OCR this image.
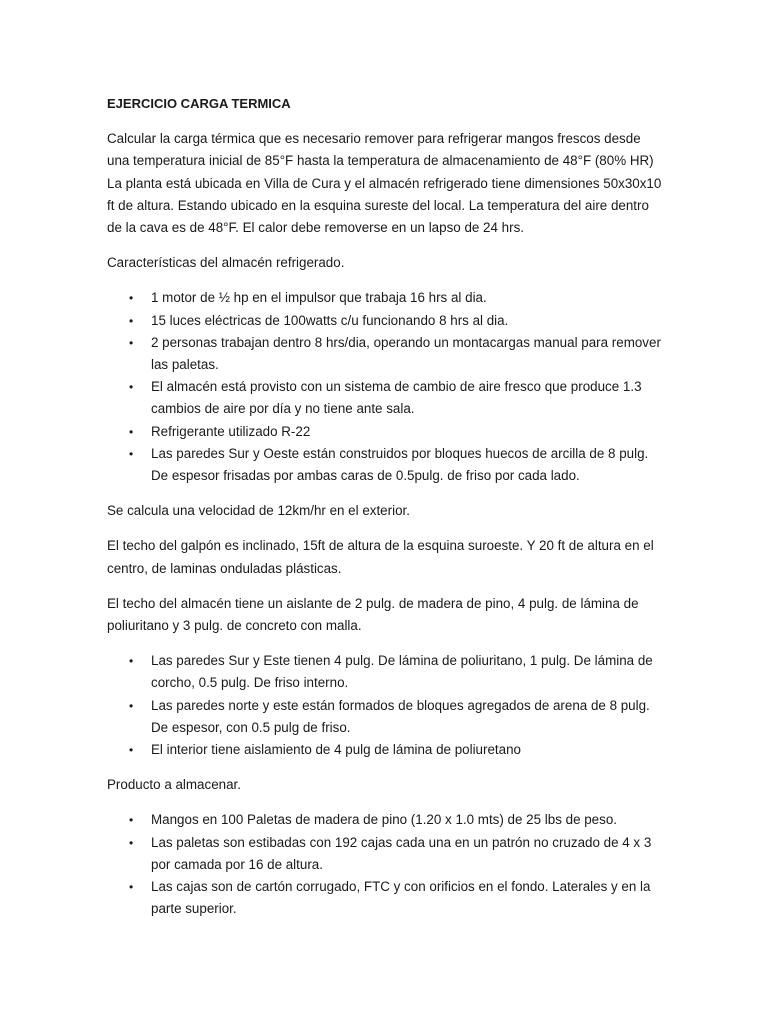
EJERCICIO CARGA TERMICA

Calcular la carga térmica que es necesario remover para refrigerar mangos frescos desde una temperatura inicial de 85°F hasta la temperatura de almacenamiento de 48°F (80% HR) La planta está ubicada en Villa de Cura y el almacén refrigerado tiene dimensiones 50x30x10 ft de altura. Estando ubicado en la esquina sureste del local. La temperatura del aire dentro de la cava es de 48°F. El calor debe removerse en un lapso de 24 hrs.

Características del almacén refrigerado.

• 1 motor de ½ hp en el impulsor que trabaja 16 hrs al dia.
• 15 luces eléctricas de 100watts c/u funcionando 8 hrs al dia.
• 2 personas trabajan dentro 8 hrs/dia, operando un montacargas manual para remover las paletas.
• El almacén está provisto con un sistema de cambio de aire fresco que produce 1.3 cambios de aire por día y no tiene ante sala.
• Refrigerante utilizado R-22
• Las paredes Sur y Oeste están construidos por bloques huecos de arcilla de 8 pulg. De espesor frisadas por ambas caras de 0.5pulg. de friso por cada lado.

Se calcula una velocidad de 12km/hr en el exterior.

El techo del galpón es inclinado, 15ft de altura de la esquina suroeste. Y 20 ft de altura en el centro, de laminas onduladas plásticas.

El techo del almacén tiene un aislante de 2 pulg. de madera de pino, 4 pulg. de lámina de poliuritano y 3 pulg. de concreto con malla.

• Las paredes Sur y Este tienen 4 pulg. De lámina de poliuritano, 1 pulg. De lámina de corcho, 0.5 pulg. De friso interno.
• Las paredes norte y este están formados de bloques agregados de arena de 8 pulg. De espesor, con 0.5 pulg de friso.
• El interior tiene aislamiento de 4 pulg de lámina de poliuretano

Producto a almacenar.

• Mangos en 100 Paletas de madera de pino (1.20 x 1.0 mts) de 25 lbs de peso.
• Las paletas son estibadas con 192 cajas cada una en un patrón no cruzado de 4 x 3 por camada por 16 de altura.
• Las cajas son de cartón corrugado, FTC y con orificios en el fondo. Laterales y en la parte superior.
